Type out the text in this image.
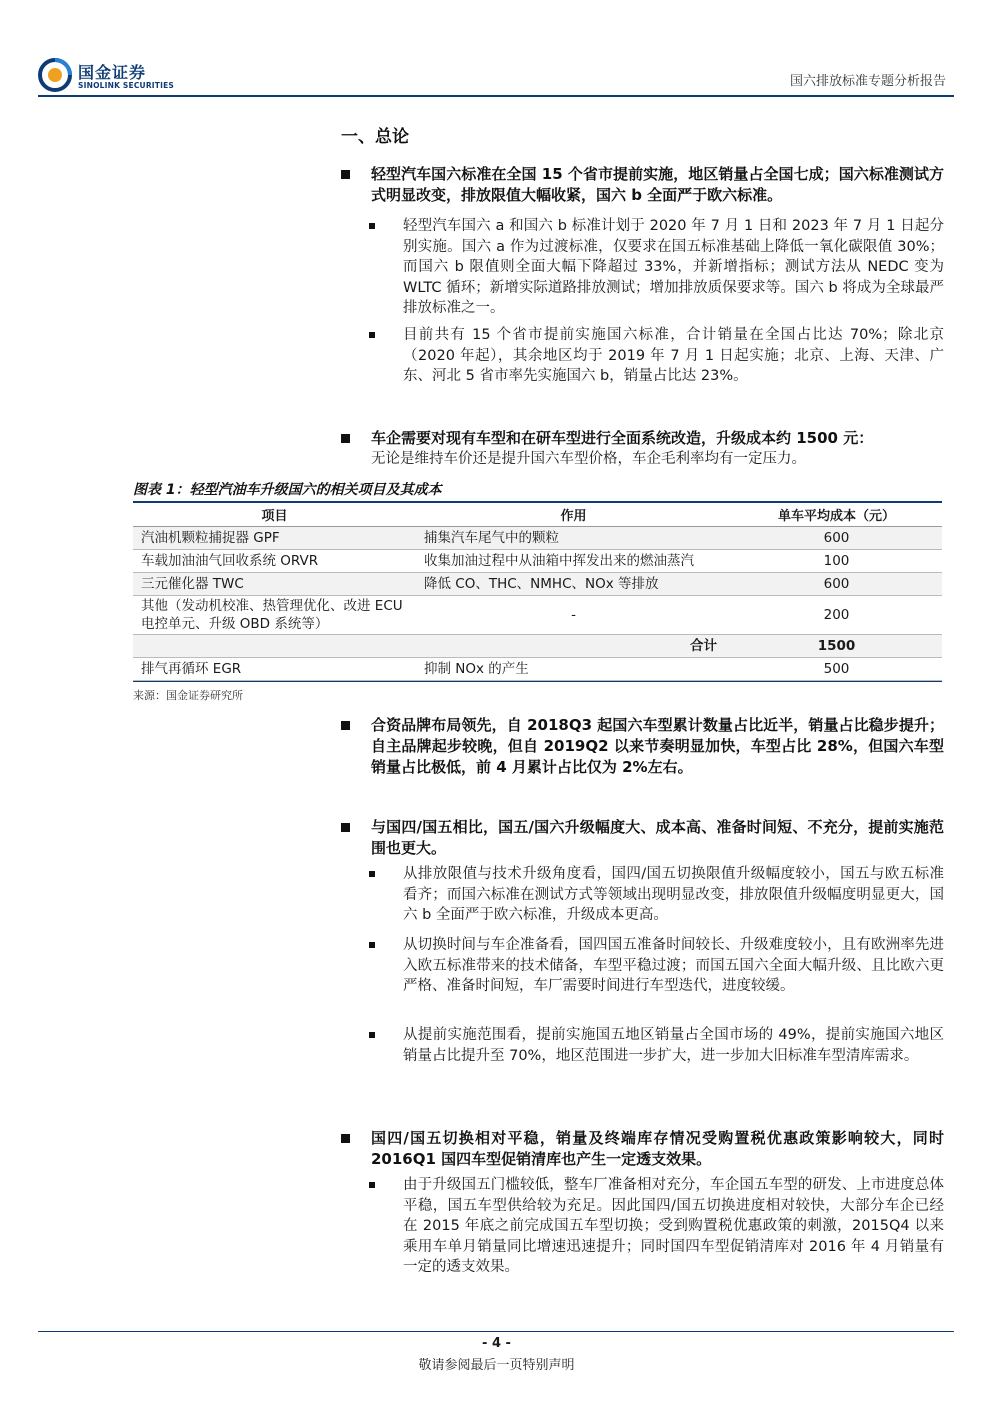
国金证券
SINOLINK SECURITIES	国六排放标准专题分析报告
一、总论
轻型汽车国六标准在全国 15 个省市提前实施，地区销量占全国七成；国六标准测试方式明显改变，排放限值大幅收紧，国六 b 全面严于欧六标准。
轻型汽车国六 a 和国六 b 标准计划于 2020 年 7 月 1 日和 2023 年 7 月 1 日起分别实施。国六 a 作为过渡标准，仅要求在国五标准基础上降低一氧化碳限值 30%；而国六 b 限值则全面大幅下降超过 33%，并新增指标；测试方法从 NEDC 变为 WLTC 循环；新增实际道路排放测试；增加排放质保要求等。国六 b 将成为全球最严排放标准之一。
目前共有 15 个省市提前实施国六标准，合计销量在全国占比达 70%；除北京（2020 年起），其余地区均于 2019 年 7 月 1 日起实施；北京、上海、天津、广东、河北 5 省市率先实施国六 b，销量占比达 23%。
车企需要对现有车型和在研车型进行全面系统改造，升级成本约 1500 元：
无论是维持车价还是提升国六车型价格，车企毛利率均有一定压力。
图表 1：轻型汽油车升级国六的相关项目及其成本
项目	作用	单车平均成本（元）
汽油机颗粒捕捉器 GPF	捕集汽车尾气中的颗粒	600
车载加油油气回收系统 ORVR	收集加油过程中从油箱中挥发出来的燃油蒸汽	100
三元催化器 TWC	降低 CO、THC、NMHC、NOx 等排放	600
其他（发动机校准、热管理优化、改进 ECU 电控单元、升级 OBD 系统等）	-	200
	合计	1500
排气再循环 EGR	抑制 NOx 的产生	500
来源：国金证券研究所
合资品牌布局领先，自 2018Q3 起国六车型累计数量占比近半，销量占比稳步提升；自主品牌起步较晚，但自 2019Q2 以来节奏明显加快，车型占比 28%，但国六车型销量占比极低，前 4 月累计占比仅为 2%左右。
与国四/国五相比，国五/国六升级幅度大、成本高、准备时间短、不充分，提前实施范围也更大。
从排放限值与技术升级角度看，国四/国五切换限值升级幅度较小，国五与欧五标准看齐；而国六标准在测试方式等领域出现明显改变，排放限值升级幅度明显更大，国六 b 全面严于欧六标准，升级成本更高。
从切换时间与车企准备看，国四国五准备时间较长、升级难度较小，且有欧洲率先进入欧五标准带来的技术储备，车型平稳过渡；而国五国六全面大幅升级、且比欧六更严格、准备时间短，车厂需要时间进行车型迭代，进度较缓。
从提前实施范围看，提前实施国五地区销量占全国市场的 49%，提前实施国六地区销量占比提升至 70%，地区范围进一步扩大，进一步加大旧标准车型清库需求。
国四/国五切换相对平稳，销量及终端库存情况受购置税优惠政策影响较大，同时 2016Q1 国四车型促销清库也产生一定透支效果。
由于升级国五门槛较低，整车厂准备相对充分，车企国五车型的研发、上市进度总体平稳，国五车型供给较为充足。因此国四/国五切换进度相对较快，大部分车企已经在 2015 年底之前完成国五车型切换；受到购置税优惠政策的刺激，2015Q4 以来乘用车单月销量同比增速迅速提升；同时国四车型促销清库对 2016 年 4 月销量有一定的透支效果。
- 4 -
敬请参阅最后一页特别声明
